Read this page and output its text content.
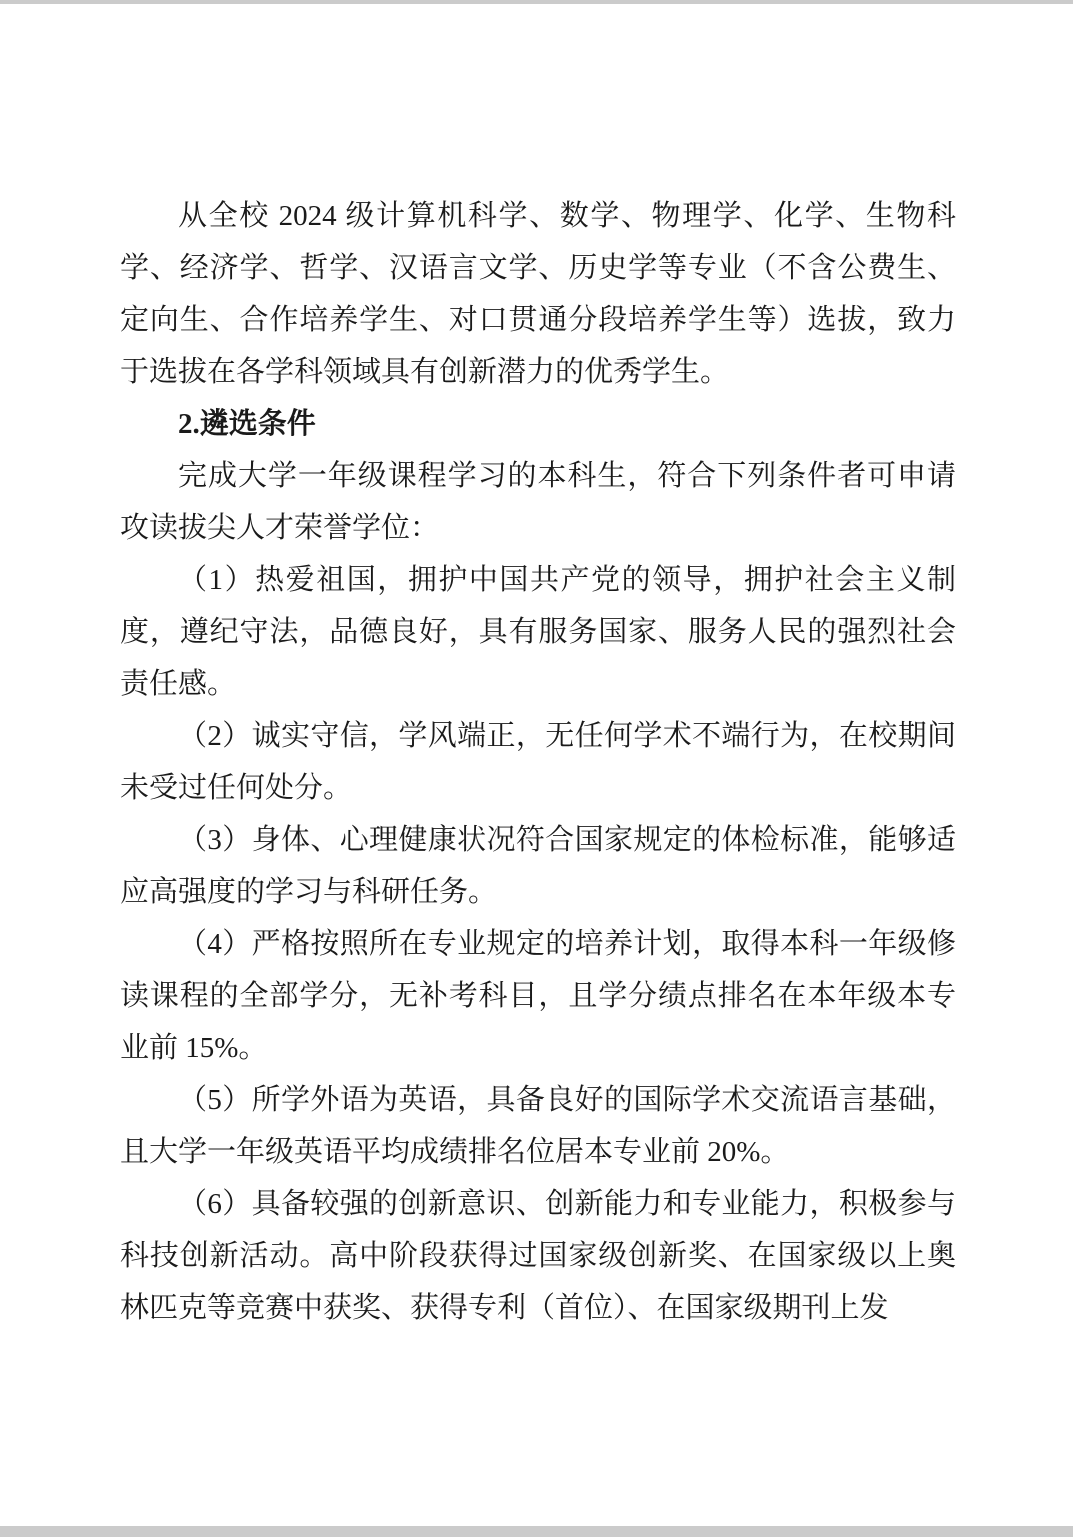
从全校 2024 级计算机科学、数学、物理学、化学、生物科学、经济学、哲学、汉语言文学、历史学等专业（不含公费生、定向生、合作培养学生、对口贯通分段培养学生等）选拔，致力于选拔在各学科领域具有创新潜力的优秀学生。

2.遴选条件

完成大学一年级课程学习的本科生，符合下列条件者可申请攻读拔尖人才荣誉学位：

（1）热爱祖国，拥护中国共产党的领导，拥护社会主义制度，遵纪守法，品德良好，具有服务国家、服务人民的强烈社会责任感。

（2）诚实守信，学风端正，无任何学术不端行为，在校期间未受过任何处分。

（3）身体、心理健康状况符合国家规定的体检标准，能够适应高强度的学习与科研任务。

（4）严格按照所在专业规定的培养计划，取得本科一年级修读课程的全部学分，无补考科目，且学分绩点排名在本年级本专业前 15%。

（5）所学外语为英语，具备良好的国际学术交流语言基础，且大学一年级英语平均成绩排名位居本专业前 20%。

（6）具备较强的创新意识、创新能力和专业能力，积极参与科技创新活动。高中阶段获得过国家级创新奖、在国家级以上奥林匹克等竞赛中获奖、获得专利（首位）、在国家级期刊上发
